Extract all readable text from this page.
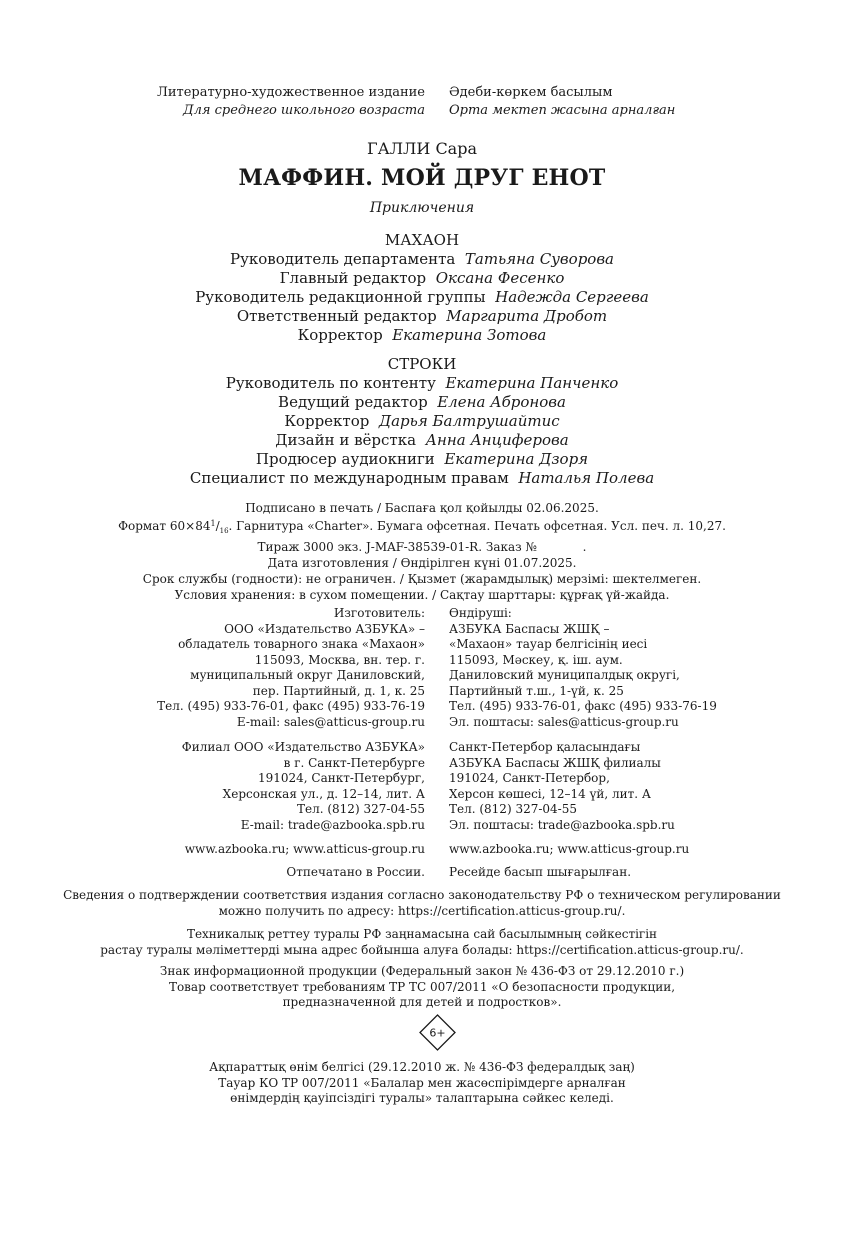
Литературно-художественное издание
Для среднего школьного возраста
Әдеби-көркем басылым
Орта мектеп жасына арналған
ГАЛЛИ Сара
МАФФИН. МОЙ ДРУГ ЕНОТ
Приключения
МАХАОН
Руководитель департамента Татьяна Суворова
Главный редактор Оксана Фесенко
Руководитель редакционной группы Надежда Сергеева
Ответственный редактор Маргарита Дробот
Корректор Екатерина Зотова
СТРОКИ
Руководитель по контенту Екатерина Панченко
Ведущий редактор Елена Абронова
Корректор Дарья Балтрушайтис
Дизайн и вёрстка Анна Анциферова
Продюсер аудиокниги Екатерина Дзоря
Специалист по международным правам Наталья Полева
Подписано в печать / Баспаға қол қойылды 02.06.2025.
Формат $60\times 84^1/_{16}$. Гарнитура «Charter». Бумага офсетная. Печать офсетная. Усл. печ. л. 10,27.
Тираж 3000 экз. J-MAF-38539-01-R. Заказ №            .
Дата изготовления / Өндірілген күні 01.07.2025.
Срок службы (годности): не ограничен. / Қызмет (жарамдылық) мерзімі: шектелмеген.
Условия хранения: в сухом помещении. / Сақтау шарттары: құрғақ үй-жайда.
Изготовитель:
ООО «Издательство АЗБУКА» –
обладатель товарного знака «Махаон»
115093, Москва, вн. тер. г.
муниципальный округ Даниловский,
пер. Партийный, д. 1, к. 25
Тел. (495) 933-76-01, факс (495) 933-76-19
E-mail: sales@atticus-group.ru
Өндіруші:
АЗБУКА Баспасы ЖШҚ –
«Махаон» тауар белгісінің иесі
115093, Мәскеу, қ. іш. аум.
Даниловский муниципалдық округі,
Партийный т.ш., 1-үй, к. 25
Тел. (495) 933-76-01, факс (495) 933-76-19
Эл. поштасы: sales@atticus-group.ru
Филиал ООО «Издательство АЗБУКА»
в г. Санкт-Петербурге
191024, Санкт-Петербург,
Херсонская ул., д. 12–14, лит. А
Тел. (812) 327-04-55
E-mail: trade@azbooka.spb.ru
Санкт-Петербор қаласындағы
АЗБУКА Баспасы ЖШҚ филиалы
191024, Санкт-Петербор,
Херсон көшесі, 12–14 үй, лит. А
Тел. (812) 327-04-55
Эл. поштасы: trade@azbooka.spb.ru
www.azbooka.ru; www.atticus-group.ru www.azbooka.ru; www.atticus-group.ru
Отпечатано в России. Ресейде басып шығарылған.
Сведения о подтверждении соответствия издания согласно законодательству РФ о техническом регулировании
можно получить по адресу: https://certification.atticus-group.ru/.
Техникалық реттеу туралы РФ заңнамасына сай басылымның сәйкестігін
растау туралы мәліметтерді мына адрес бойынша алуға болады: https://certification.atticus-group.ru/.
Знак информационной продукции (Федеральный закон № 436-ФЗ от 29.12.2010 г.)
Товар соответствует требованиям ТР ТС 007/2011 «О безопасности продукции,
предназначенной для детей и подростков».
6+
Ақпараттық өнім белгісі (29.12.2010 ж. № 436-ФЗ федералдық заң)
Тауар КО ТР 007/2011 «Балалар мен жасөспірімдерге арналған
өнімдердің қауіпсіздігі туралы» талаптарына сәйкес келеді.
